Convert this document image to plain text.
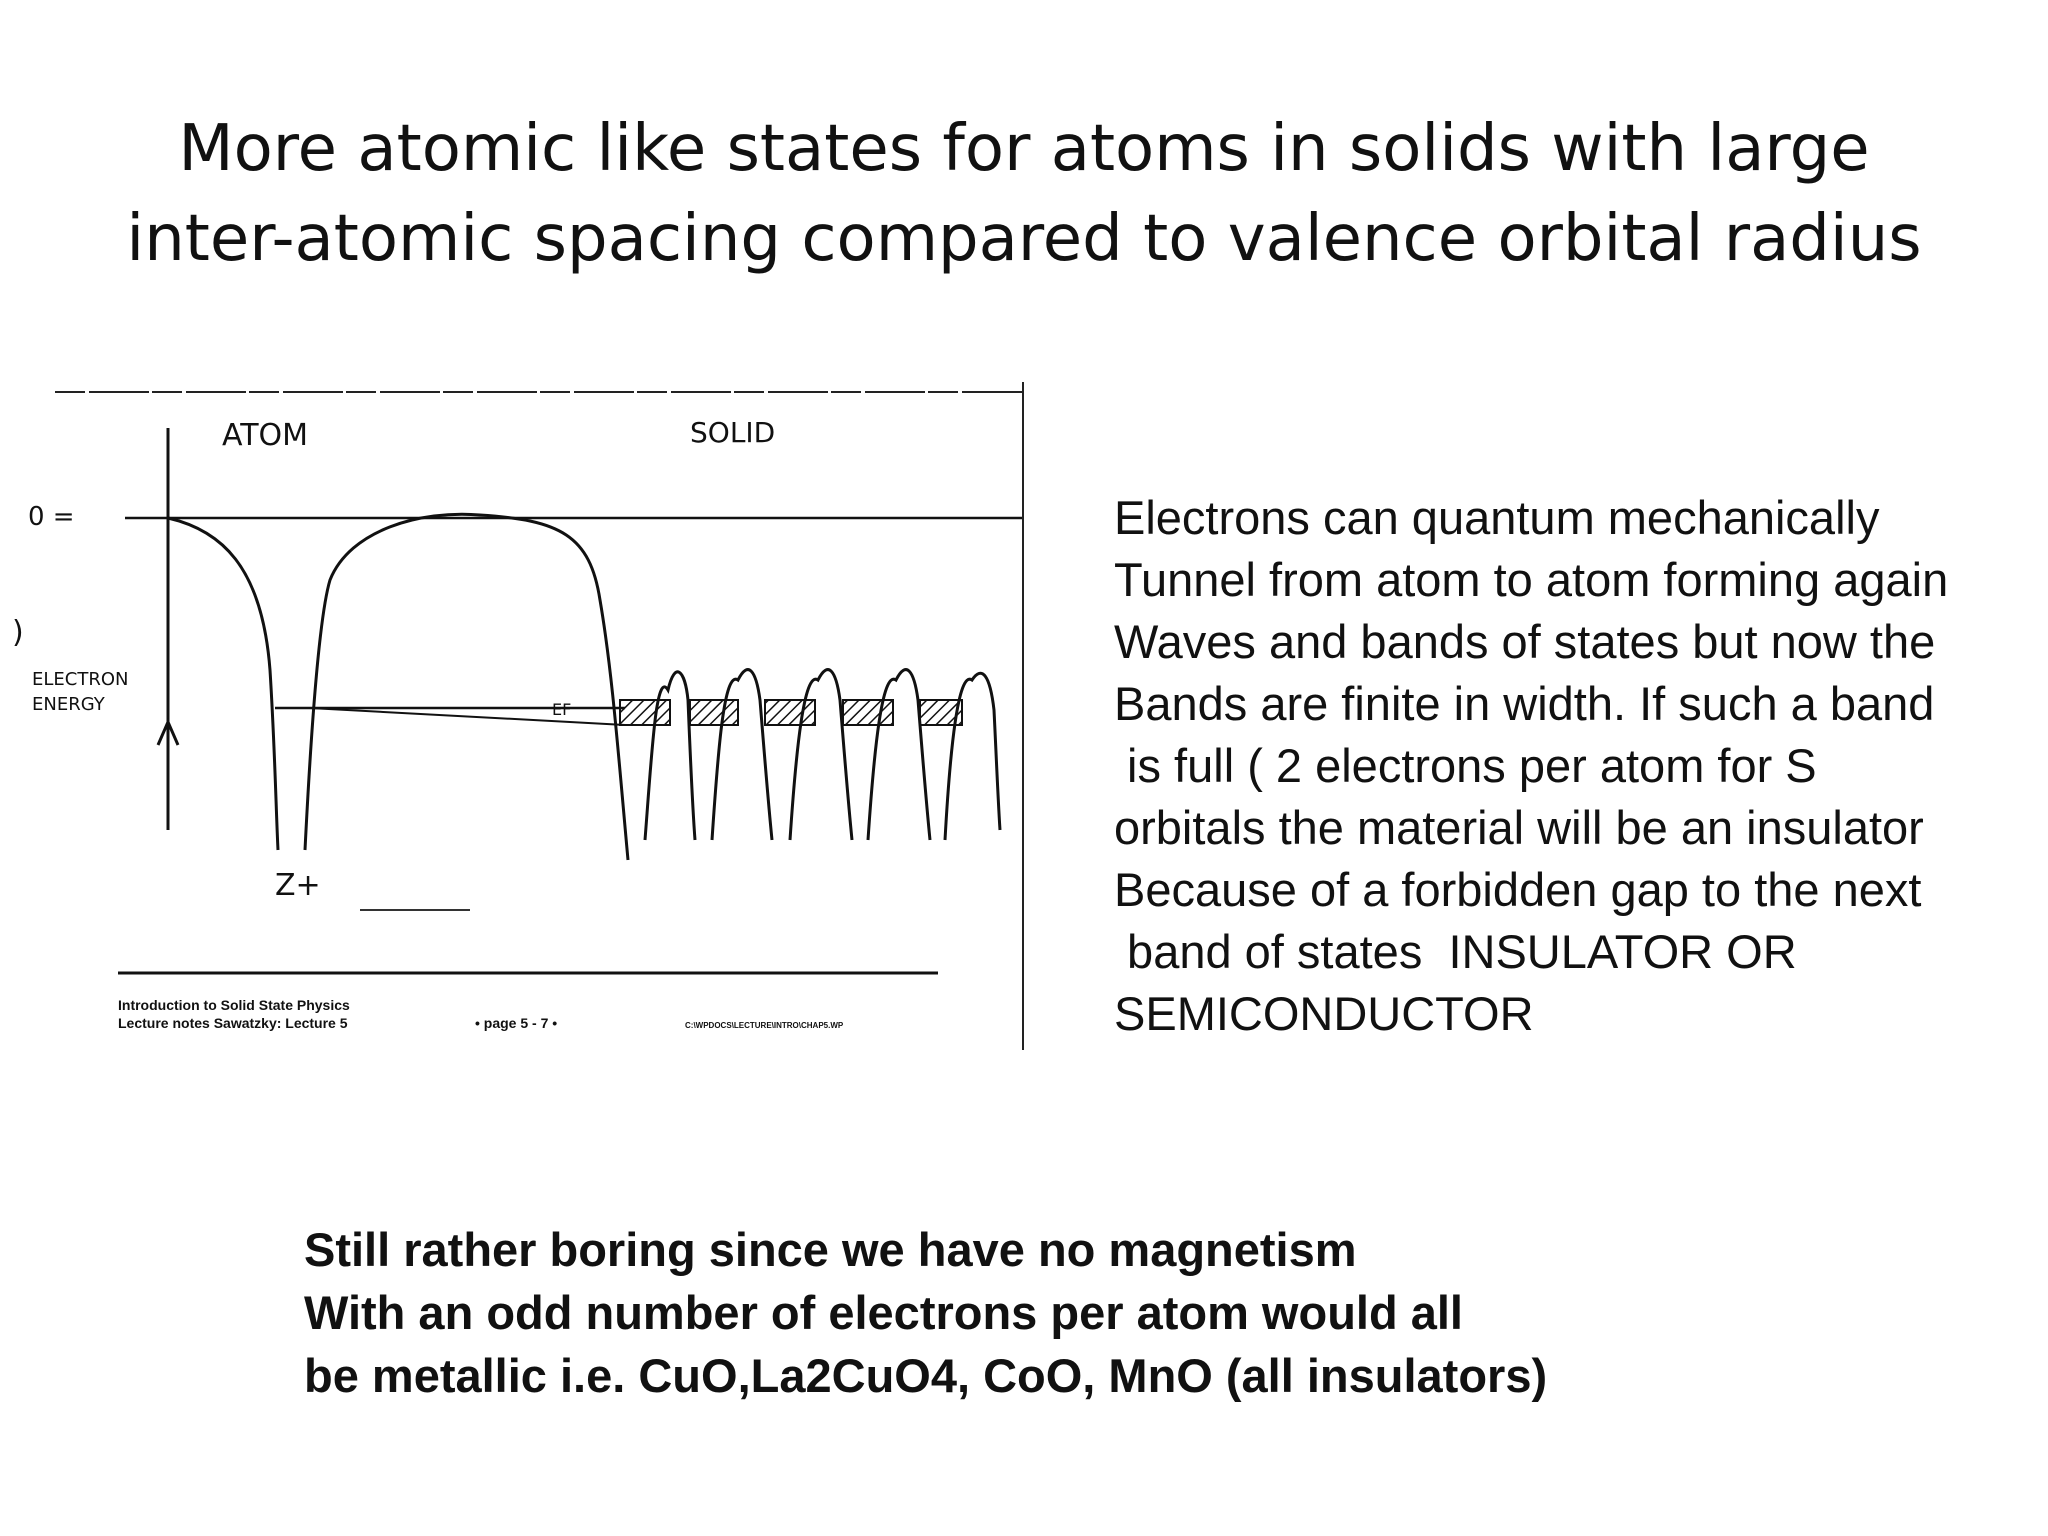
More atomic like states for atoms in solids with large
inter-atomic spacing compared to valence orbital radius
ATOM	SOLID
0 =
)
ELECTRON
ENERGY
Z+
EF
Introduction to Solid State Physics
Lecture notes Sawatzky: Lecture 5	• page 5 - 7 •	C:\WPDOCS\LECTURE\INTRO\CHAP5.WP
Electrons can quantum mechanically
Tunnel from atom to atom forming again
Waves and bands of states but now the
Bands are finite in width. If such a band
is full ( 2 electrons per atom for S
orbitals the material will be an insulator
Because of a forbidden gap to the next
band of states  INSULATOR OR
SEMICONDUCTOR
Still rather boring since we have no magnetism
With an odd number of electrons per atom would all
be metallic i.e. CuO,La2CuO4, CoO, MnO (all insulators)
